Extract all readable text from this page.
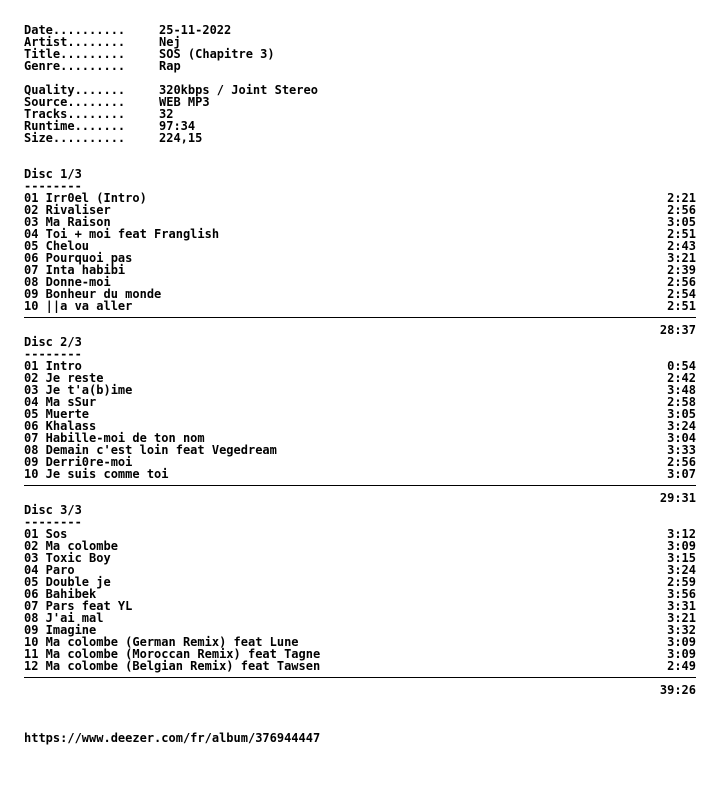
Date..........	25-11-2022
Artist........	Nej
Title.........	SOS (Chapitre 3)
Genre.........	Rap
Quality.......	320kbps / Joint Stereo
Source........	WEB MP3
Tracks........	32
Runtime.......	97:34
Size..........	224,15
Disc 1/3
--------
01 Irr0el (Intro)	2:21
02 Rivaliser	2:56
03 Ma Raison	3:05
04 Toi + moi feat Franglish	2:51
05 Chelou	2:43
06 Pourquoi pas	3:21
07 Inta habibi	2:39
08 Donne-moi	2:56
09 Bonheur du monde	2:54
10 ||a va aller	2:51
28:37
Disc 2/3
--------
01 Intro	0:54
02 Je reste	2:42
03 Je t'a(b)ime	3:48
04 Ma sSur	2:58
05 Muerte	3:05
06 Khalass	3:24
07 Habille-moi de ton nom	3:04
08 Demain c'est loin feat Vegedream	3:33
09 Derri0re-moi	2:56
10 Je suis comme toi	3:07
29:31
Disc 3/3
--------
01 Sos	3:12
02 Ma colombe	3:09
03 Toxic Boy	3:15
04 Paro	3:24
05 Double je	2:59
06 Bahibek	3:56
07 Pars feat YL	3:31
08 J'ai mal	3:21
09 Imagine	3:32
10 Ma colombe (German Remix) feat Lune	3:09
11 Ma colombe (Moroccan Remix) feat Tagne	3:09
12 Ma colombe (Belgian Remix) feat Tawsen	2:49
39:26
https://www.deezer.com/fr/album/376944447
